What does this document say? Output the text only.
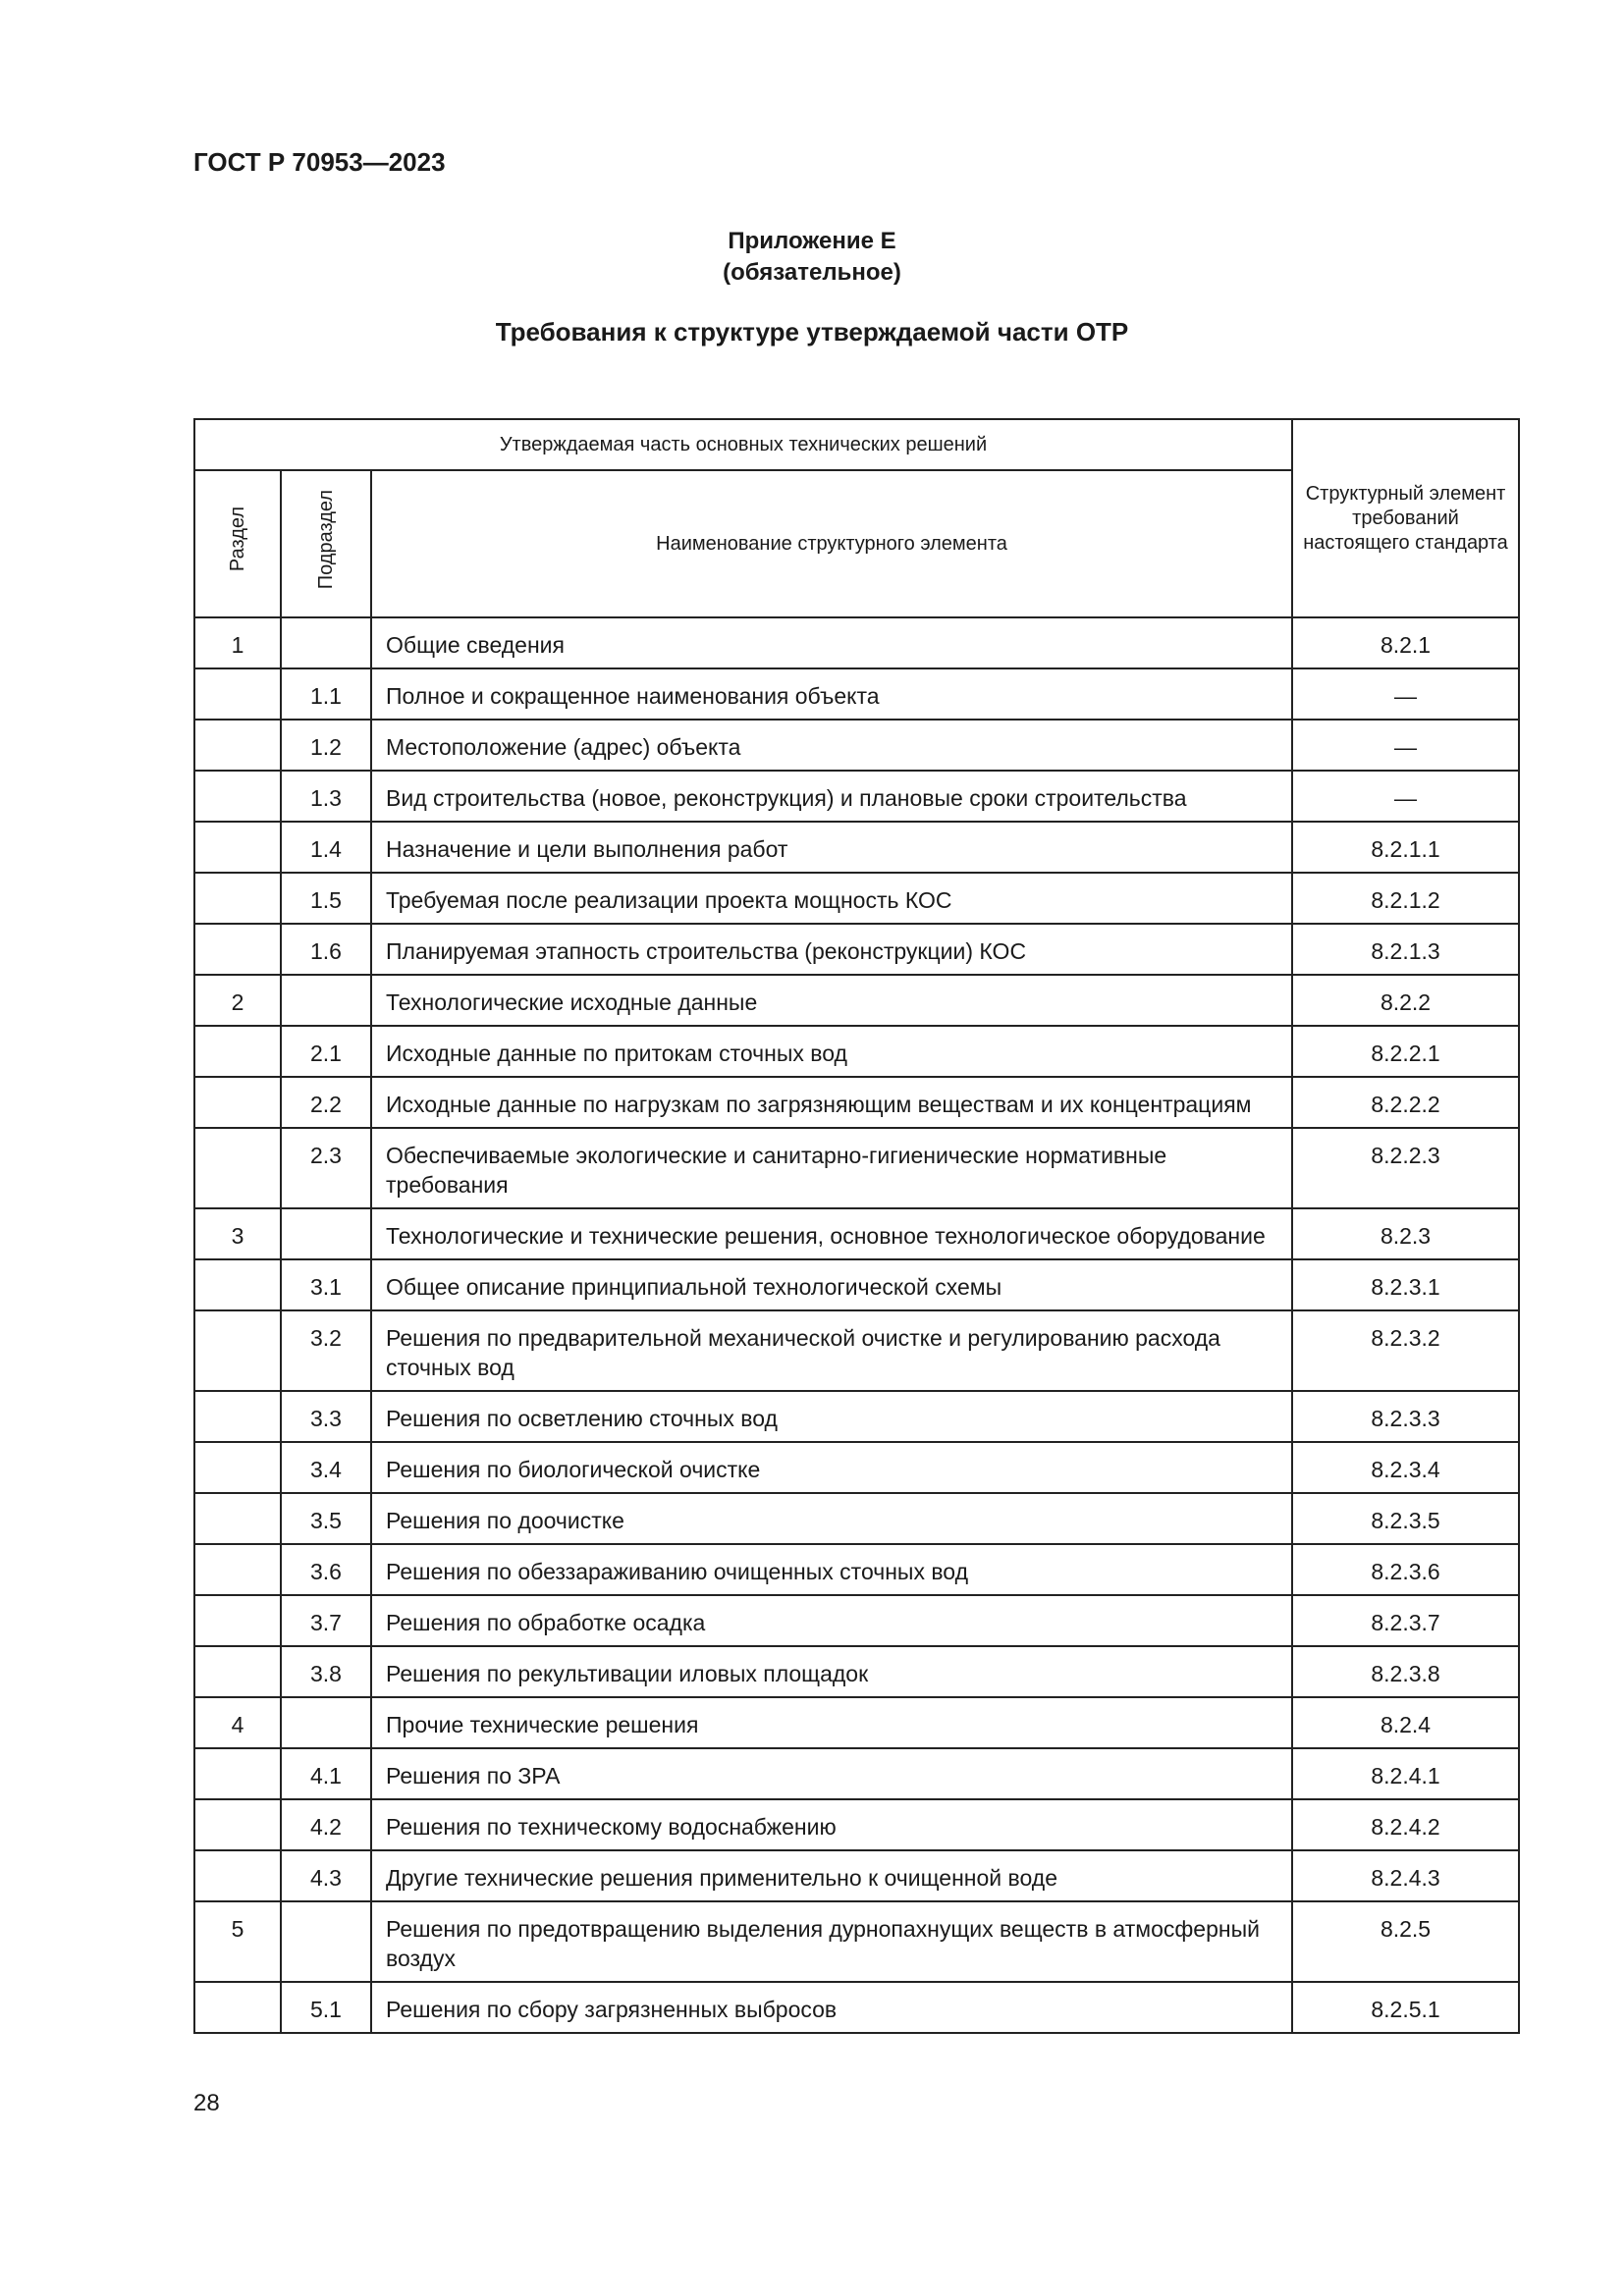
ГОСТ Р 70953—2023
Приложение Е
(обязательное)
Требования к структуре утверждаемой части ОТР
Утверждаемая часть основных технических решений			Структурный элемент требований настоящего стандарта
Раздел	Подраздел	Наименование структурного элемента	
1		Общие сведения	8.2.1
	1.1	Полное и сокращенное наименования объекта	—
	1.2	Местоположение (адрес) объекта	—
	1.3	Вид строительства (новое, реконструкция) и плановые сроки строительства	—
	1.4	Назначение и цели выполнения работ	8.2.1.1
	1.5	Требуемая после реализации проекта мощность КОС	8.2.1.2
	1.6	Планируемая этапность строительства (реконструкции) КОС	8.2.1.3
2		Технологические исходные данные	8.2.2
	2.1	Исходные данные по притокам сточных вод	8.2.2.1
	2.2	Исходные данные по нагрузкам по загрязняющим веществам и их концентрациям	8.2.2.2
	2.3	Обеспечиваемые экологические и санитарно-гигиенические нормативные требования	8.2.2.3
3		Технологические и технические решения, основное технологическое оборудование	8.2.3
	3.1	Общее описание принципиальной технологической схемы	8.2.3.1
	3.2	Решения по предварительной механической очистке и регулированию расхода сточных вод	8.2.3.2
	3.3	Решения по осветлению сточных вод	8.2.3.3
	3.4	Решения по биологической очистке	8.2.3.4
	3.5	Решения по доочистке	8.2.3.5
	3.6	Решения по обеззараживанию очищенных сточных вод	8.2.3.6
	3.7	Решения по обработке осадка	8.2.3.7
	3.8	Решения по рекультивации иловых площадок	8.2.3.8
4		Прочие технические решения	8.2.4
	4.1	Решения по ЗРА	8.2.4.1
	4.2	Решения по техническому водоснабжению	8.2.4.2
	4.3	Другие технические решения применительно к очищенной воде	8.2.4.3
5		Решения по предотвращению выделения дурнопахнущих веществ в атмосферный воздух	8.2.5
	5.1	Решения по сбору загрязненных выбросов	8.2.5.1
28
